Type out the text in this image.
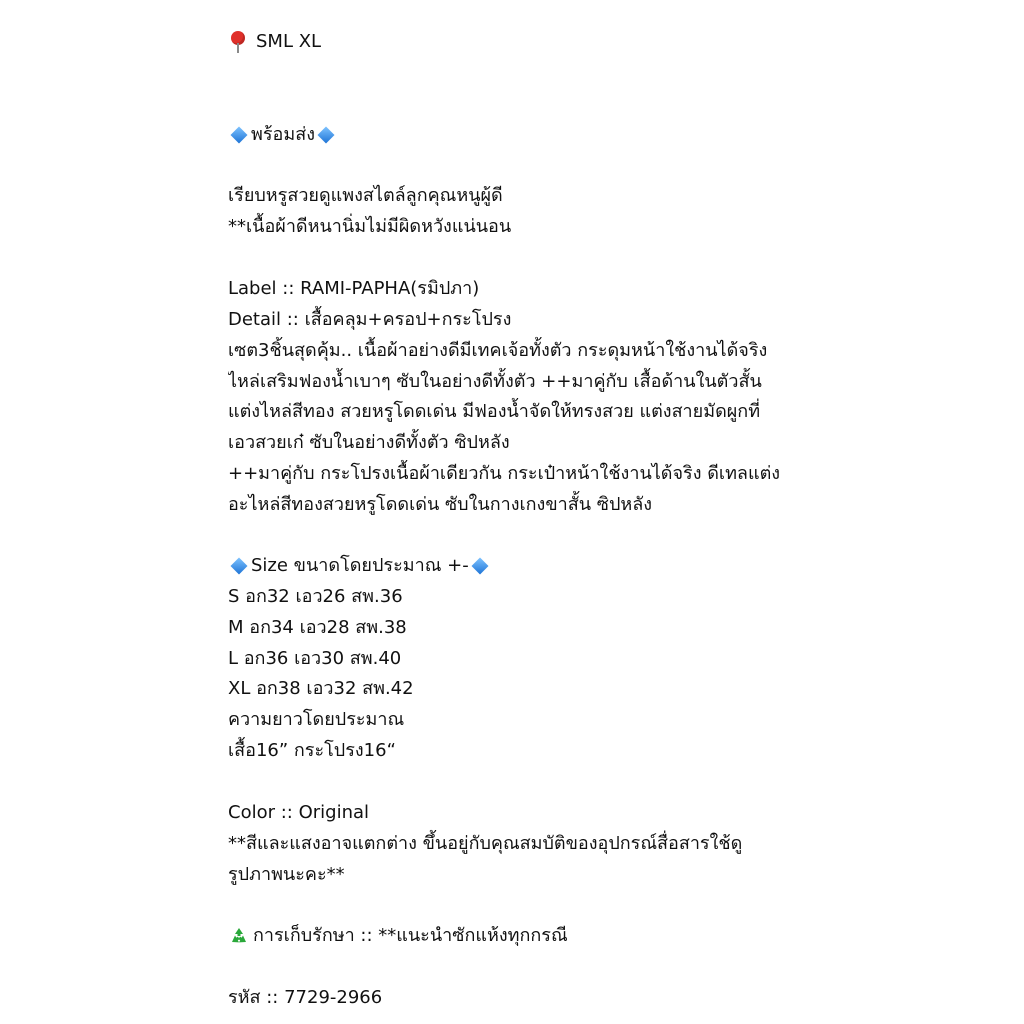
SML XL
พร้อมส่ง
เรียบหรูสวยดูแพงสไตล์ลูกคุณหนูผู้ดี
**เนื้อผ้าดีหนานิ่มไม่มีผิดหวังแน่นอน
Label :: RAMI-PAPHA(รมิปภา)
Detail :: เสื้อคลุม+ครอป+กระโปรง
เซต3ชิ้นสุดคุ้ม.. เนื้อผ้าอย่างดีมีเทคเจ้อทั้งตัว กระดุมหน้าใช้งานได้จริง
ไหล่เสริมฟองน้ำเบาๆ ซับในอย่างดีทั้งตัว ++มาคู่กับ เสื้อด้านในตัวสั้น
แต่งไหล่สีทอง สวยหรูโดดเด่น มีฟองน้ำจัดให้ทรงสวย แต่งสายมัดผูกที่
เอวสวยเก๋ ซับในอย่างดีทั้งตัว ซิปหลัง
++มาคู่กับ กระโปรงเนื้อผ้าเดียวกัน กระเป๋าหน้าใช้งานได้จริง ดีเทลแต่ง
อะไหล่สีทองสวยหรูโดดเด่น ซับในกางเกงขาสั้น ซิปหลัง
Size ขนาดโดยประมาณ +-
S อก32 เอว26 สพ.36
M อก34 เอว28 สพ.38
L อก36 เอว30 สพ.40
XL อก38 เอว32 สพ.42
ความยาวโดยประมาณ
เสื้อ16” กระโปรง16“
Color :: Original
**สีและแสงอาจแตกต่าง ขึ้นอยู่กับคุณสมบัติของอุปกรณ์สื่อสารใช้ดู
รูปภาพนะคะ**
การเก็บรักษา :: **แนะนำซักแห้งทุกกรณี
รหัส :: 7729-2966
